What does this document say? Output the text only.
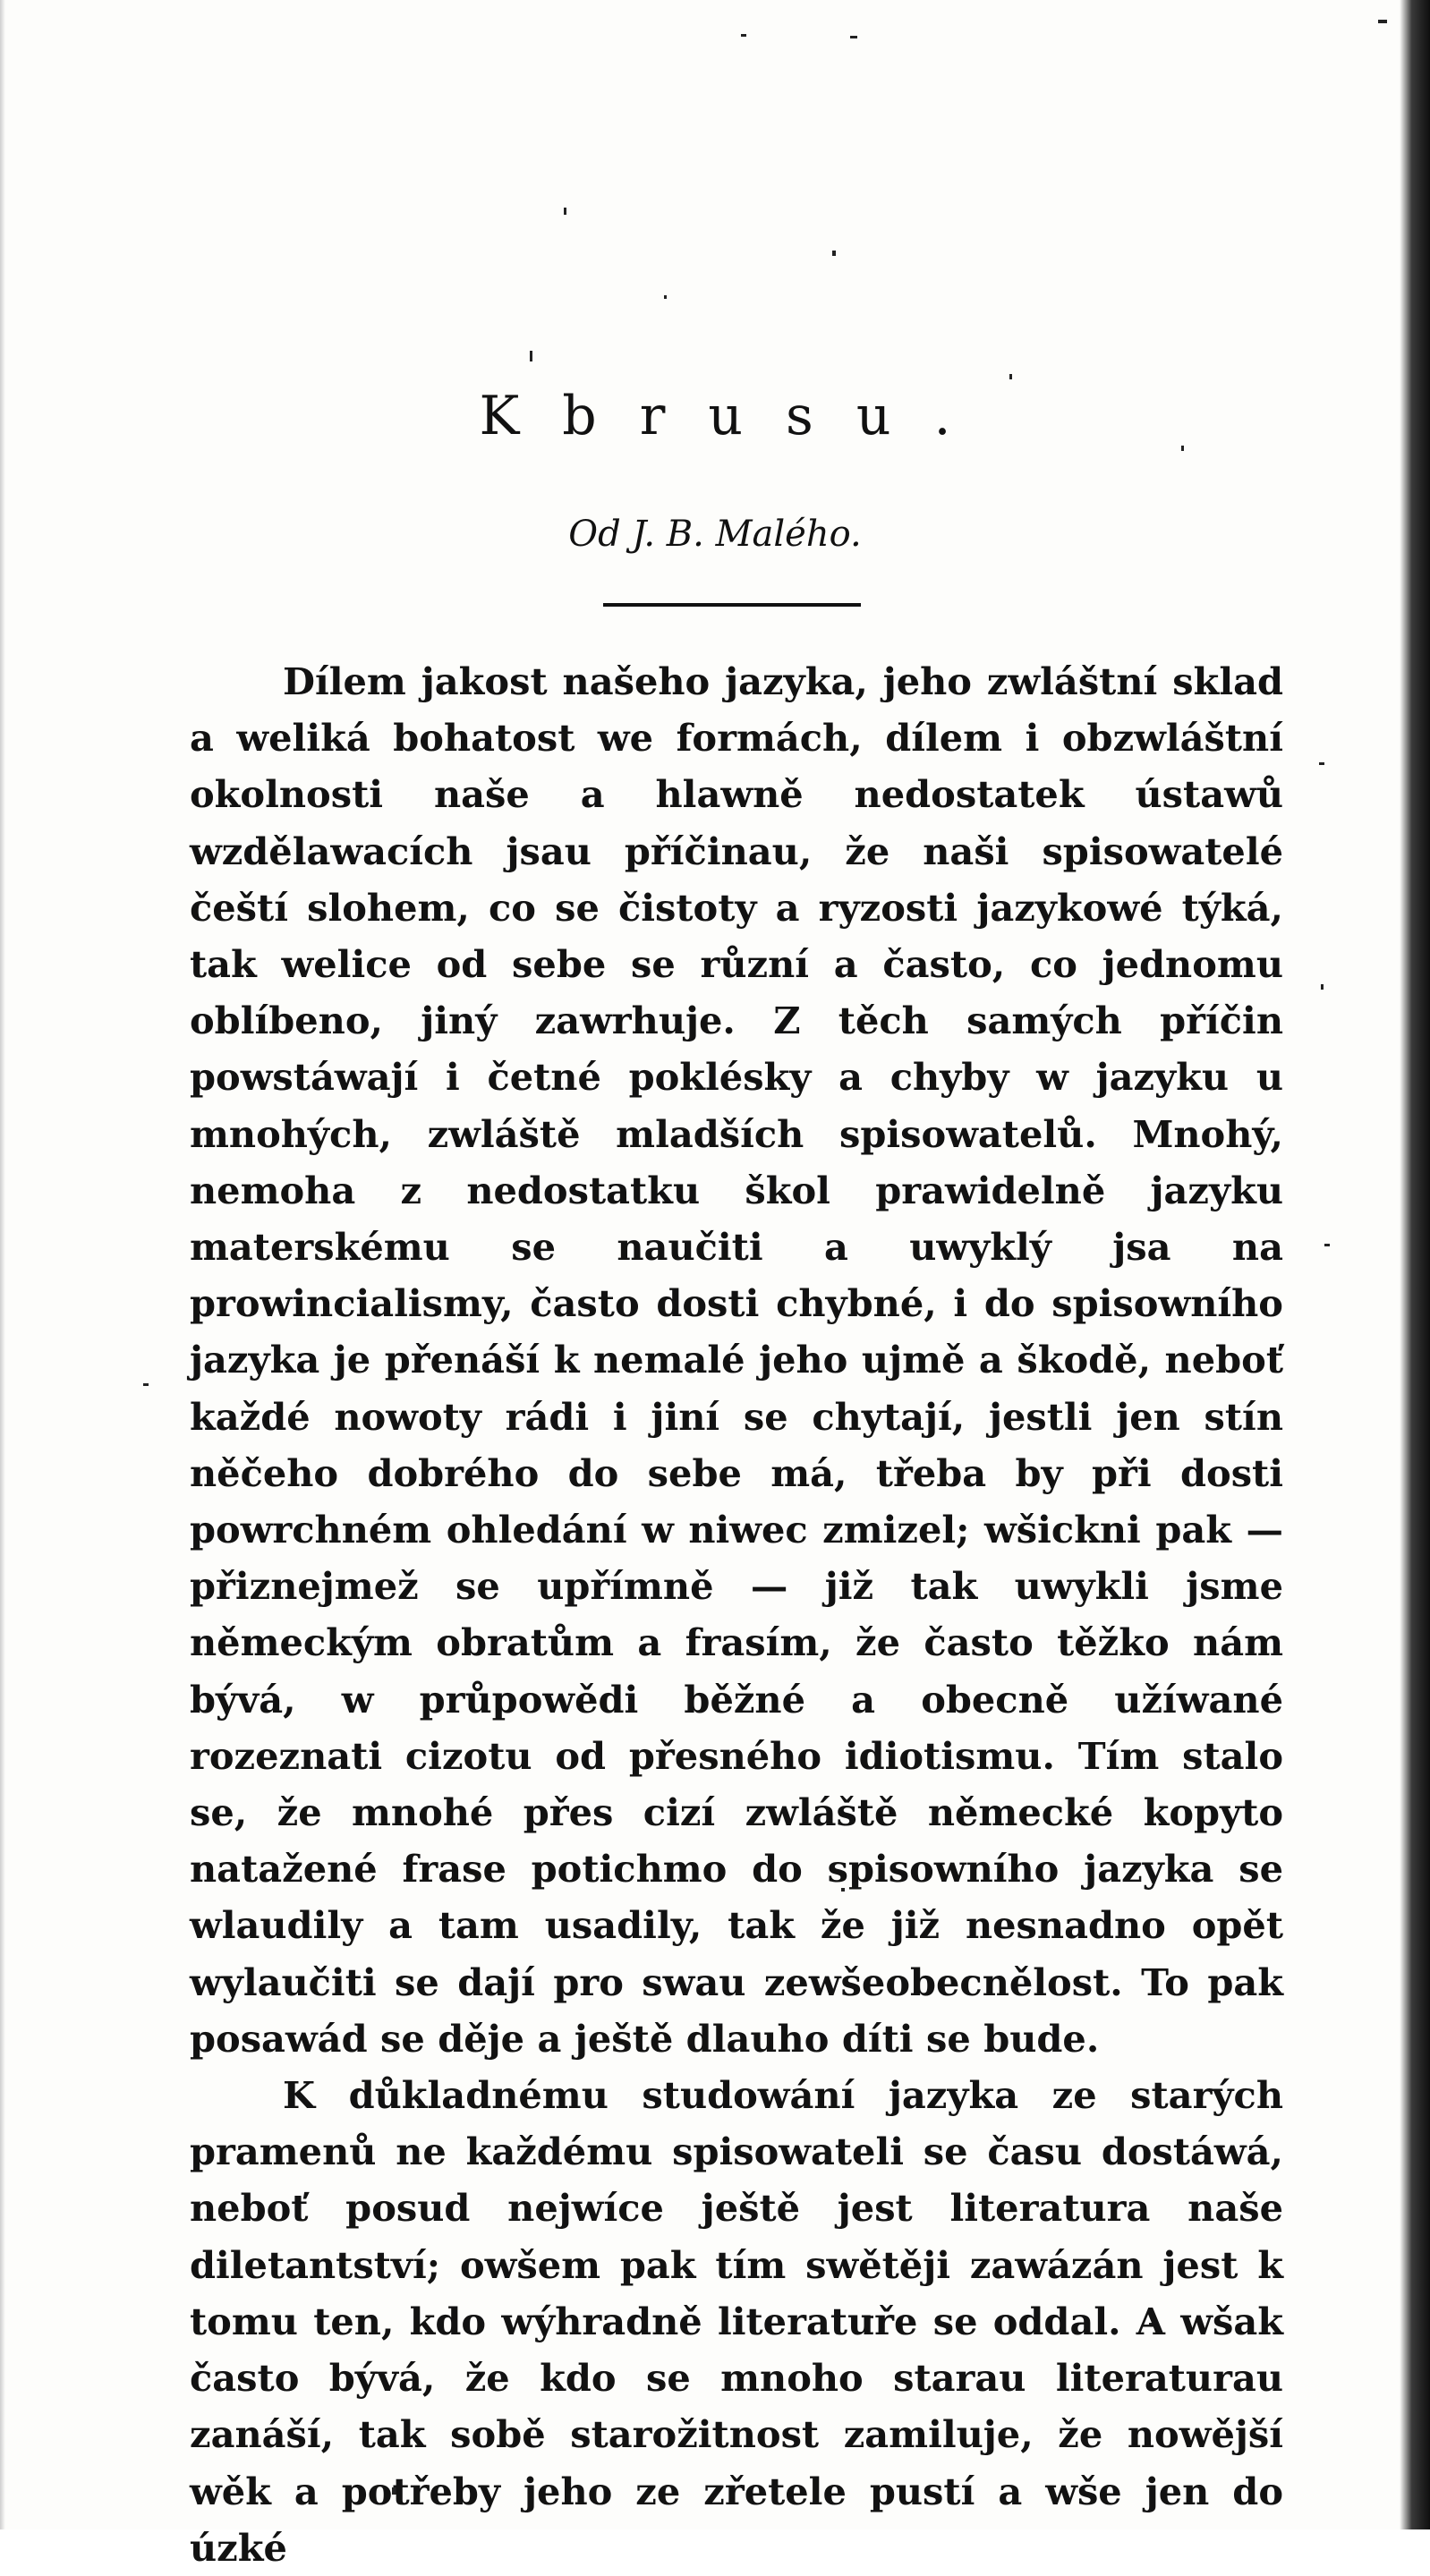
Kbrusu.
Od J. B. Malého.

Dílem jakost našeho jazyka, jeho zwláštní sklad a weliká bohatost we formách, dílem i obzwláštní okolnosti naše a hlawně nedostatek ústawů wzdělawacích jsau příčinau, že naši spisowatelé čeští slohem, co se čistoty a ryzosti jazykowé týká, tak welice od sebe se různí a často, co jednomu oblíbeno, jiný zawrhuje. Z těch samých příčin powstáwají i četné poklésky a chyby w jazyku u mnohých, zwláště mladších spisowatelů. Mnohý, nemoha z nedostatku škol prawidelně jazyku materskému se naučiti a uwyklý jsa na prowincialismy, často dosti chybné, i do spisowního jazyka je přenáší k nemalé jeho ujmě a škodě, neboť každé nowoty rádi i jiní se chytají, jestli jen stín něčeho dobrého do sebe má, třeba by při dosti powrchném ohledání w niwec zmizel; wšickni pak — přiznejmež se upřímně — již tak uwykli jsme německým obratům a frasím, že často těžko nám bývá, w průpowědi běžné a obecně užíwané rozeznati cizotu od přesného idiotismu. Tím stalo se, že mnohé přes cizí zwláště německé kopyto natažené frase potichmo do spisowního jazyka se wlaudily a tam usadily, tak že již nesnadno opět wylaučiti se dají pro swau zewšeobecnělost. To pak posawád se děje a ještě dlauho díti se bude.

K důkladnému studowání jazyka ze starých pramenů ne každému spisowateli se času dostáwá, neboť posud nejwíce ještě jest literatura naše diletantství; owšem pak tím swětěji zawázán jest k tomu ten, kdo wýhradně literatuře se oddal. A wšak často bývá, že kdo se mnoho starau literaturau zanáší, tak sobě starožitnost zamiluje, že nowější wěk a potřeby jeho ze zřetele pustí a wše jen do úzké
